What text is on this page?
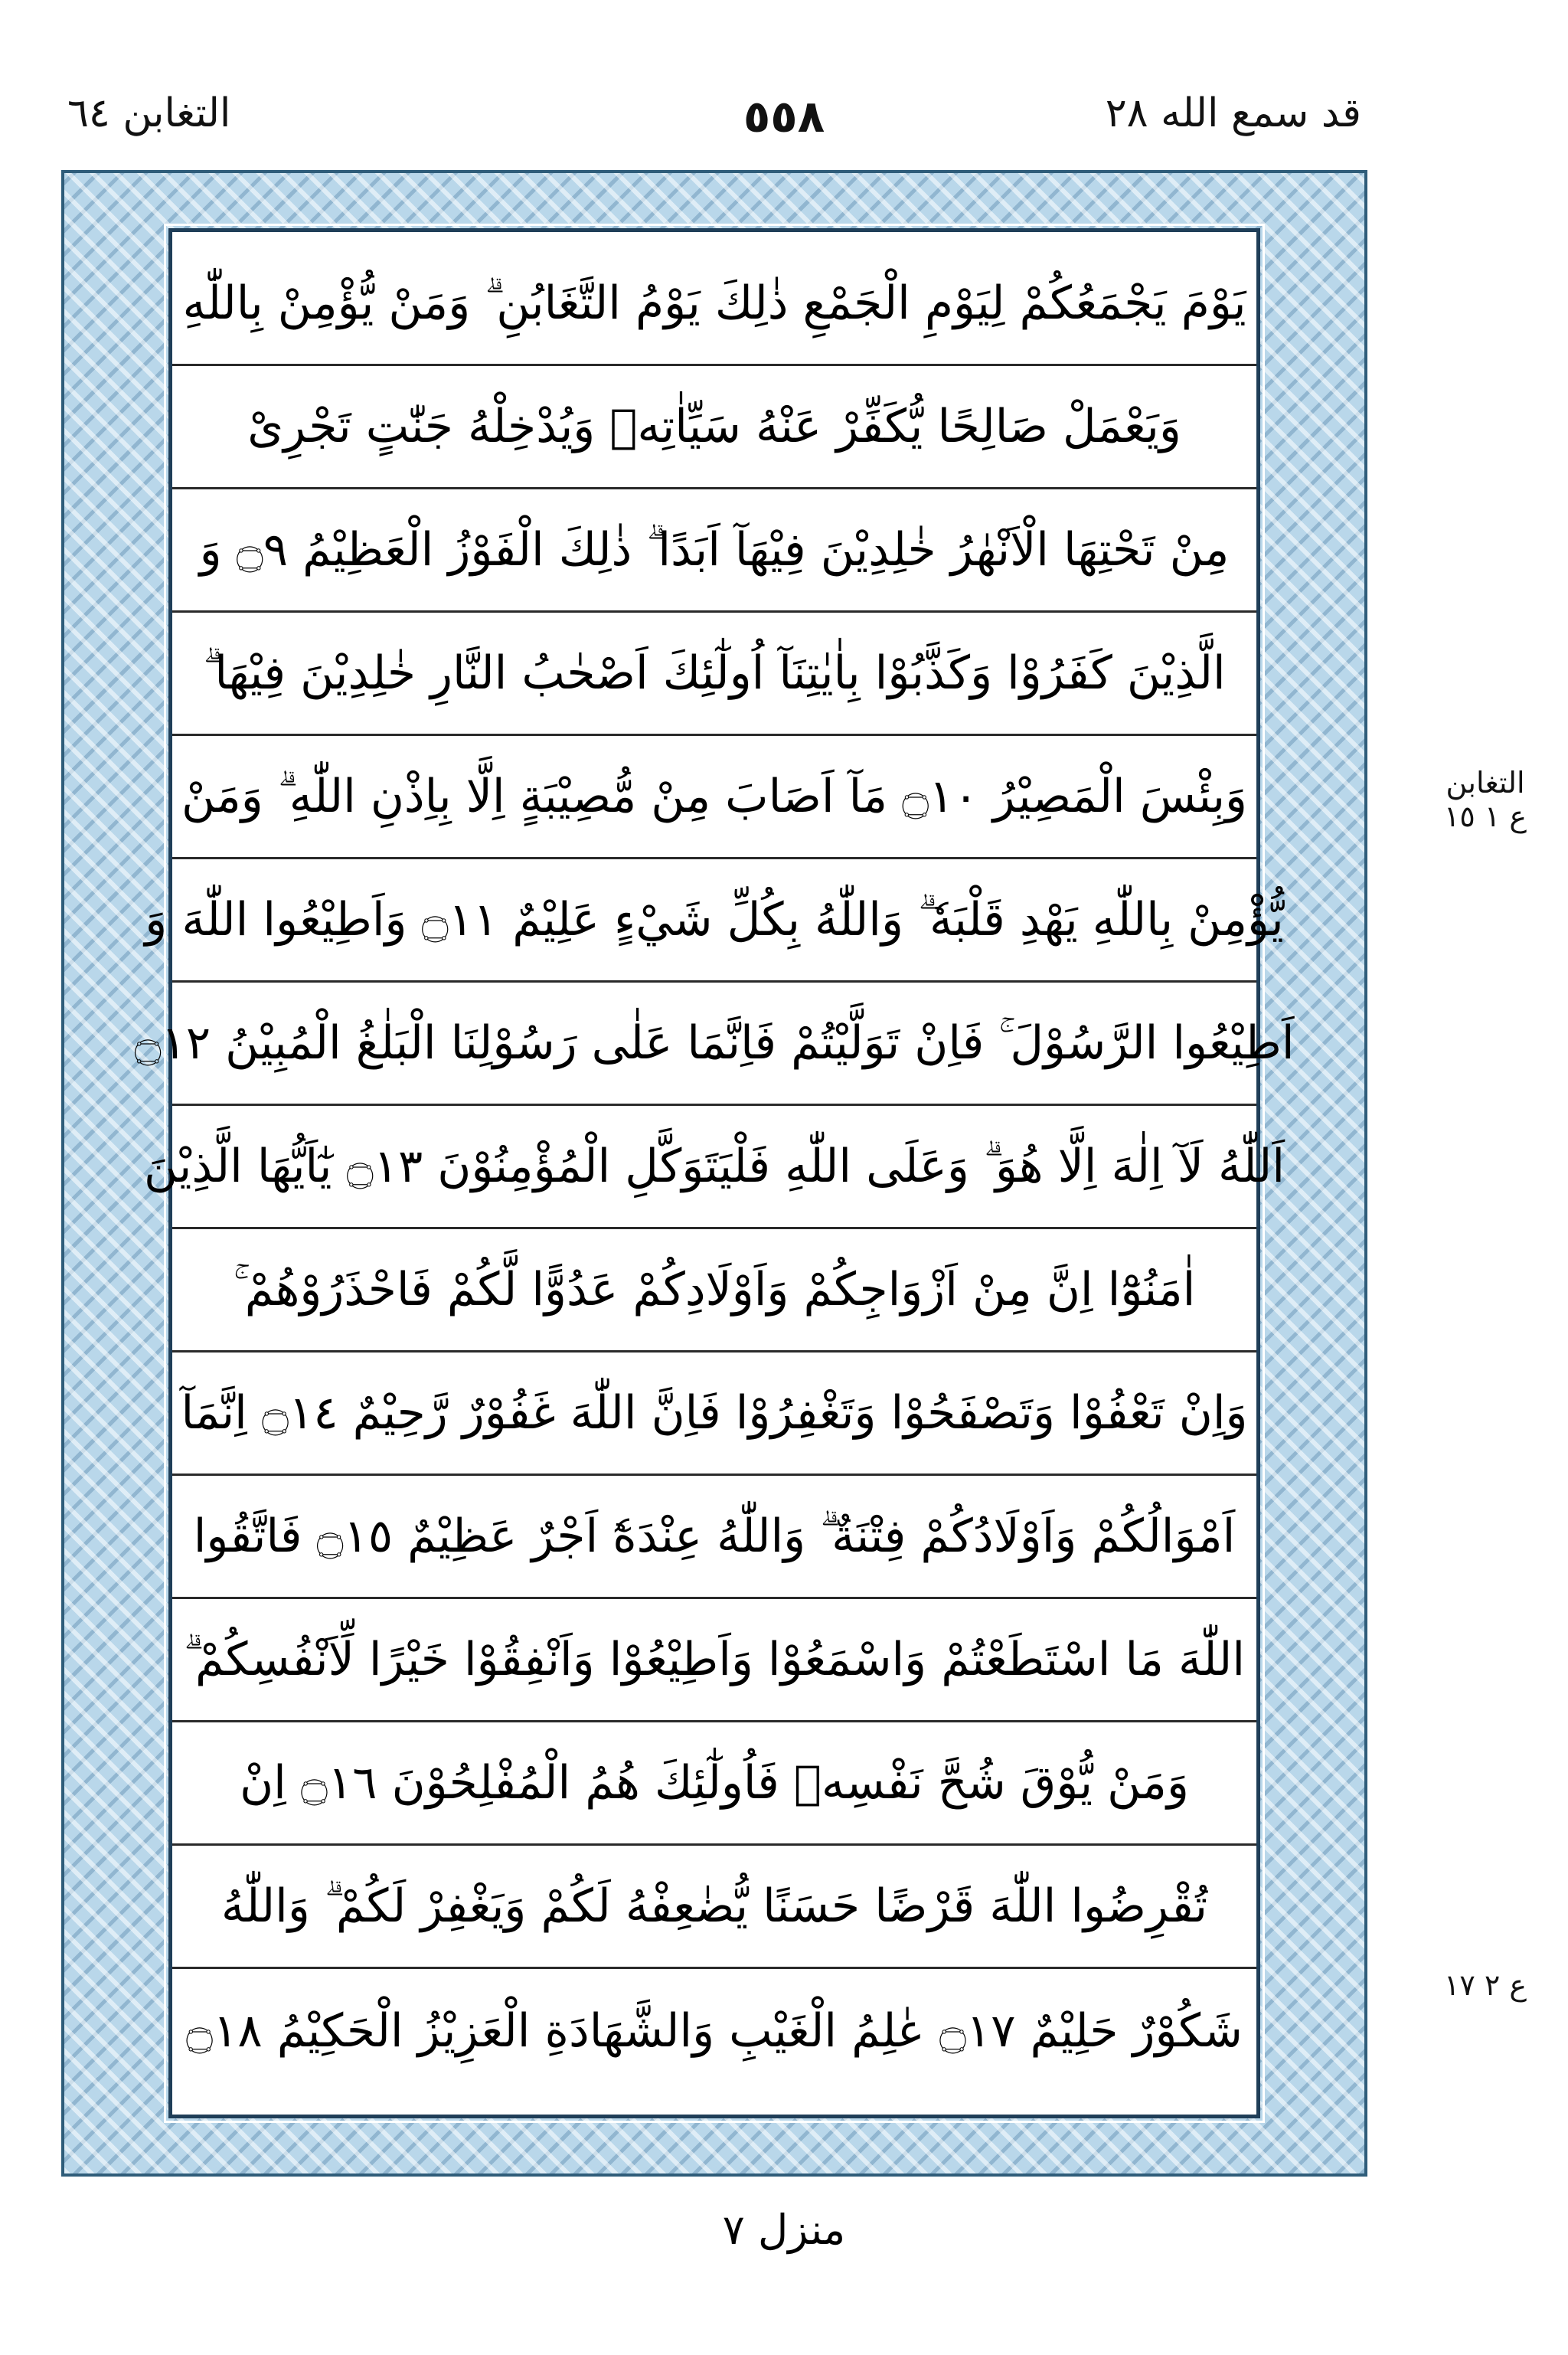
التغابن ٦٤	٥٥٨	قد سمع الله ٢٨
يَوْمَ يَجْمَعُكُمْ لِيَوْمِ الْجَمْعِ ذٰلِكَ يَوْمُ التَّغَابُنِ ۗ وَمَنْ يُّؤْمِنْ بِاللّٰهِ
وَيَعْمَلْ صَالِحًا يُّكَفِّرْ عَنْهُ سَيِّاٰتِهٖ وَيُدْخِلْهُ جَنّٰتٍ تَجْرِىْ
مِنْ تَحْتِهَا الْاَنْهٰرُ خٰلِدِيْنَ فِيْهَآ اَبَدًا ۗ ذٰلِكَ الْفَوْزُ الْعَظِيْمُ ۝٩ وَ
الَّذِيْنَ كَفَرُوْا وَكَذَّبُوْا بِاٰيٰتِنَآ اُولٰٓئِكَ اَصْحٰبُ النَّارِ خٰلِدِيْنَ فِيْهَا ۗ
وَبِئْسَ الْمَصِيْرُ ۝١٠ مَآ اَصَابَ مِنْ مُّصِيْبَةٍ اِلَّا بِاِذْنِ اللّٰهِ ۗ وَمَنْ
يُّؤْمِنْ بِاللّٰهِ يَهْدِ قَلْبَهٗ ۗ وَاللّٰهُ بِكُلِّ شَيْءٍ عَلِيْمٌ ۝١١ وَاَطِيْعُوا اللّٰهَ وَ
اَطِيْعُوا الرَّسُوْلَ ۚ فَاِنْ تَوَلَّيْتُمْ فَاِنَّمَا عَلٰى رَسُوْلِنَا الْبَلٰغُ الْمُبِيْنُ ۝١٢
اَللّٰهُ لَآ اِلٰهَ اِلَّا هُوَ ۗ وَعَلَى اللّٰهِ فَلْيَتَوَكَّلِ الْمُؤْمِنُوْنَ ۝١٣ يٰٓاَيُّهَا الَّذِيْنَ
اٰمَنُوْٓا اِنَّ مِنْ اَزْوَاجِكُمْ وَاَوْلَادِكُمْ عَدُوًّا لَّكُمْ فَاحْذَرُوْهُمْ ۚ
وَاِنْ تَعْفُوْا وَتَصْفَحُوْا وَتَغْفِرُوْا فَاِنَّ اللّٰهَ غَفُوْرٌ رَّحِيْمٌ ۝١٤ اِنَّمَآ
اَمْوَالُكُمْ وَاَوْلَادُكُمْ فِتْنَةٌ ۗ وَاللّٰهُ عِنْدَهٗٓ اَجْرٌ عَظِيْمٌ ۝١٥ فَاتَّقُوا
اللّٰهَ مَا اسْتَطَعْتُمْ وَاسْمَعُوْا وَاَطِيْعُوْا وَاَنْفِقُوْا خَيْرًا لِّاَنْفُسِكُمْ ۗ
وَمَنْ يُّوْقَ شُحَّ نَفْسِهٖ فَاُولٰٓئِكَ هُمُ الْمُفْلِحُوْنَ ۝١٦ اِنْ
تُقْرِضُوا اللّٰهَ قَرْضًا حَسَنًا يُّضٰعِفْهُ لَكُمْ وَيَغْفِرْ لَكُمْ ۗ وَاللّٰهُ
شَكُوْرٌ حَلِيْمٌ ۝١٧ عٰلِمُ الْغَيْبِ وَالشَّهَادَةِ الْعَزِيْزُ الْحَكِيْمُ ۝١٨
التغابن ع ١ ١٥
ع ٢ ١٧
منزل ٧
